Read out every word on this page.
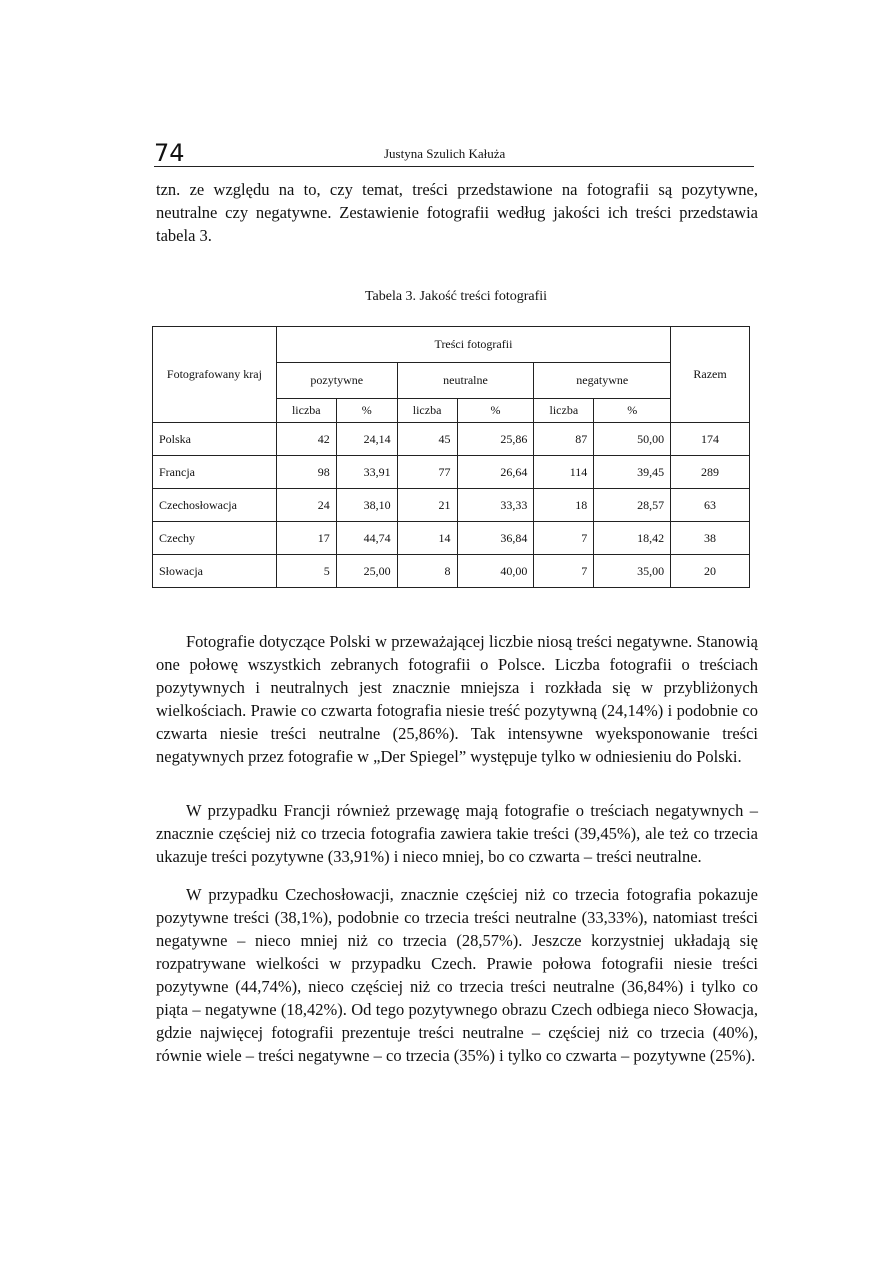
74	Justyna Szulich Kałuża

tzn. ze względu na to, czy temat, treści przedstawione na fotografii są pozytywne, neutralne czy negatywne. Zestawienie fotografii według jakości ich treści przedstawia tabela 3.

Tabela 3. Jakość treści fotografii
Fotografowany kraj	Treści fotografii						Razem
	pozytywne		neutralne		negatywne		
	liczba	%	liczba	%	liczba	%	
Polska	42	24,14	45	25,86	87	50,00	174
Francja	98	33,91	77	26,64	114	39,45	289
Czechosłowacja	24	38,10	21	33,33	18	28,57	63
Czechy	17	44,74	14	36,84	7	18,42	38
Słowacja	5	25,00	8	40,00	7	35,00	20

Fotografie dotyczące Polski w przeważającej liczbie niosą treści negatywne. Stanowią one połowę wszystkich zebranych fotografii o Polsce. Liczba fotografii o treściach pozytywnych i neutralnych jest znacznie mniejsza i rozkłada się w przybliżonych wielkościach. Prawie co czwarta fotografia niesie treść pozytywną (24,14%) i podobnie co czwarta niesie treści neutralne (25,86%). Tak intensywne wyeksponowanie treści negatywnych przez fotografie w „Der Spiegel” występuje tylko w odniesieniu do Polski.

W przypadku Francji również przewagę mają fotografie o treściach negatywnych – znacznie częściej niż co trzecia fotografia zawiera takie treści (39,45%), ale też co trzecia ukazuje treści pozytywne (33,91%) i nieco mniej, bo co czwarta – treści neutralne.

W przypadku Czechosłowacji, znacznie częściej niż co trzecia fotografia pokazuje pozytywne treści (38,1%), podobnie co trzecia treści neutralne (33,33%), natomiast treści negatywne – nieco mniej niż co trzecia (28,57%). Jeszcze korzystniej układają się rozpatrywane wielkości w przypadku Czech. Prawie połowa fotografii niesie treści pozytywne (44,74%), nieco częściej niż co trzecia treści neutralne (36,84%) i tylko co piąta – negatywne (18,42%). Od tego pozytywnego obrazu Czech odbiega nieco Słowacja, gdzie najwięcej fotografii prezentuje treści neutralne – częściej niż co trzecia (40%), równie wiele – treści negatywne – co trzecia (35%) i tylko co czwarta – pozytywne (25%).
